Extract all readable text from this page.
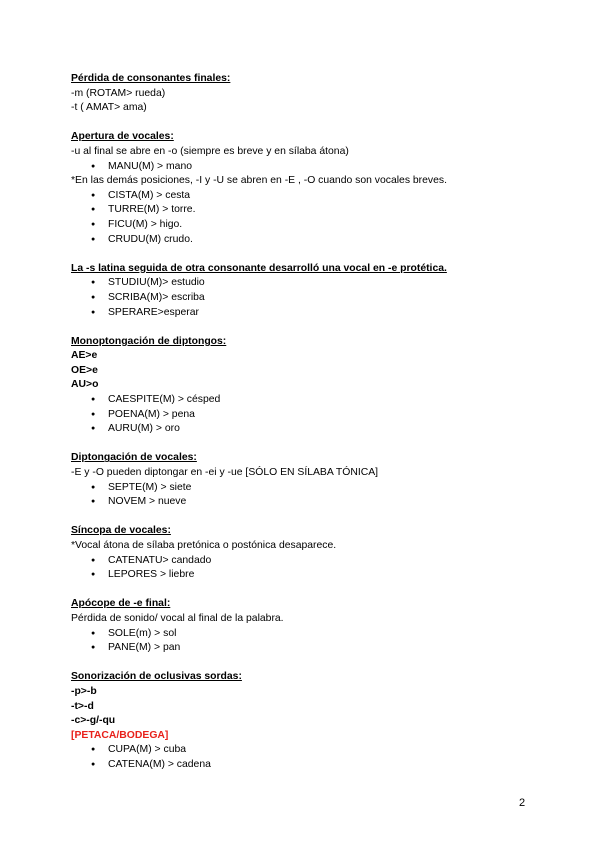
Pérdida de consonantes finales:
-m (ROTAM> rueda)
-t ( AMAT> ama)
Apertura de vocales:
-u al final se abre en -o (siempre es breve y en sílaba átona)
● MANU(M) > mano
*En las demás posiciones, -I y -U se abren en -E , -O cuando son vocales breves.
● CISTA(M) > cesta
● TURRE(M) > torre.
● FICU(M) > higo.
● CRUDU(M) crudo.
La -s latina seguida de otra consonante desarrolló una vocal en -e protética.
● STUDIU(M)> estudio
● SCRIBA(M)> escriba
● SPERARE>esperar
Monoptongación de diptongos:
AE>e
OE>e
AU>o
● CAESPITE(M) > césped
● POENA(M) > pena
● AURU(M) > oro
Diptongación de vocales:
-E y -O pueden diptongar en -ei y -ue [SÓLO EN SÍLABA TÓNICA]
● SEPTE(M) > siete
● NOVEM > nueve
Síncopa de vocales:
*Vocal átona de sílaba pretónica o postónica desaparece.
● CATENATU> candado
● LEPORES > liebre
Apócope de -e final:
Pérdida de sonido/ vocal al final de la palabra.
● SOLE(m) > sol
● PANE(M) > pan
Sonorización de oclusivas sordas:
-p>-b
-t>-d
-c>-g/-qu
[PETACA/BODEGA]
● CUPA(M) > cuba
● CATENA(M) > cadena
2
